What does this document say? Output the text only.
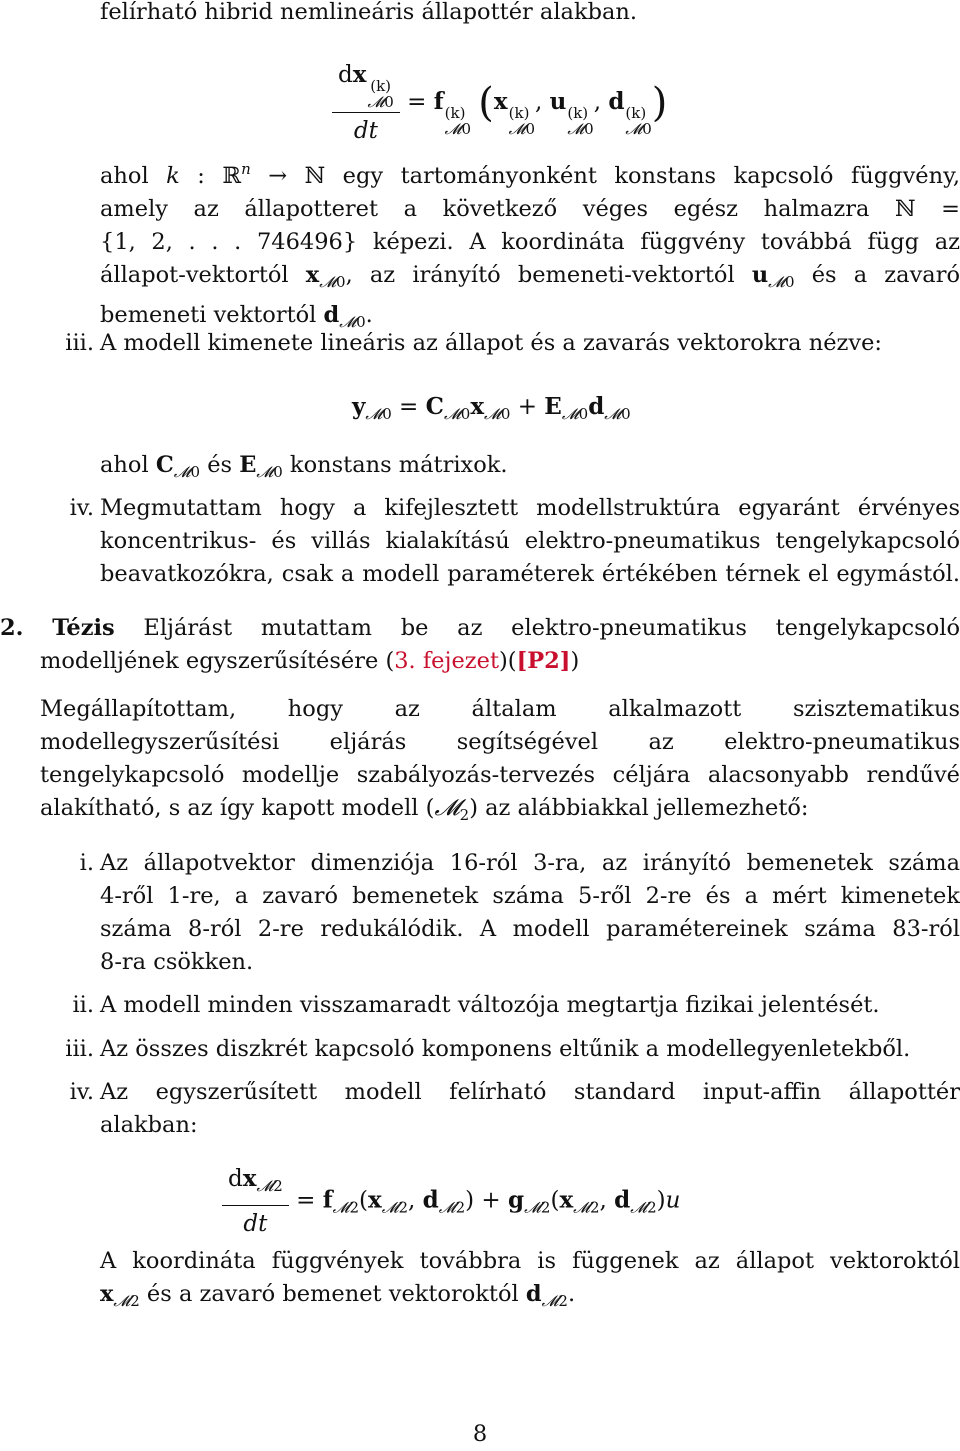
felírható hibrid nemlineáris állapottér alakban.
dx (k)
𝓜0
dt = f (k)
𝓜0
(x (k)
𝓜0
, u (k)
𝓜0
, d (k)
𝓜0
)
ahol k : ℝ$^n$ → ℕ egy tartományonként konstans kapcsoló függvény,
amely az állapotteret a következő véges egész halmazra ℕ =
{1, 2, . . . 746496} képezi. A koordináta függvény továbbá függ az
állapot-vektortól $x_{𝓜0}$, az irányító bemeneti-vektortól $u_{𝓜0}$ és a zavaró
bemeneti vektortól $d_{𝓜0}$.
iii. A modell kimenete lineáris az állapot és a zavarás vektorokra nézve:
$y_{𝓜0} = C_{𝓜0}x_{𝓜0} + E_{𝓜0}d_{𝓜0}$
ahol $C_{𝓜0}$ és $E_{𝓜0}$ konstans mátrixok.
iv. Megmutattam hogy a kifejlesztett modellstruktúra egyaránt érvényes
koncentrikus- és villás kialakítású elektro-pneumatikus tengelykapcsoló
beavatkozókra, csak a modell paraméterek értékében térnek el egymástól.
2. Tézis Eljárást mutattam be az elektro-pneumatikus tengelykapcsoló
modelljének egyszerűsítésére (3. fejezet)([P2])
Megállapítottam, hogy az általam alkalmazott szisztematikus
modellegyszerűsítési eljárás segítségével az elektro-pneumatikus
tengelykapcsoló modellje szabályozás-tervezés céljára alacsonyabb rendűvé
alakítható, s az így kapott modell (𝓜$_2$) az alábbiakkal jellemezhető:
i. Az állapotvektor dimenziója 16-ról 3-ra, az irányító bemenetek száma
4-ről 1-re, a zavaró bemenetek száma 5-ről 2-re és a mért kimenetek
száma 8-ról 2-re redukálódik. A modell paramétereinek száma 83-ról
8-ra csökken.
ii. A modell minden visszamaradt változója megtartja fizikai jelentését.
iii. Az összes diszkrét kapcsoló komponens eltűnik a modellegyenletekből.
iv. Az egyszerűsített modell felírható standard input-affin állapottér
alakban:
$\frac{dx_{𝓜2}}{dt} = f_{𝓜2}(x_{𝓜2}$, $d_{𝓜2}) + g_{𝓜2}(x_{𝓜2}$, $d_{𝓜2})u$
A koordináta függvények továbbra is függenek az állapot vektoroktól
$x_{𝓜2}$ és a zavaró bemenet vektoroktól $d_{𝓜2}$.
8
